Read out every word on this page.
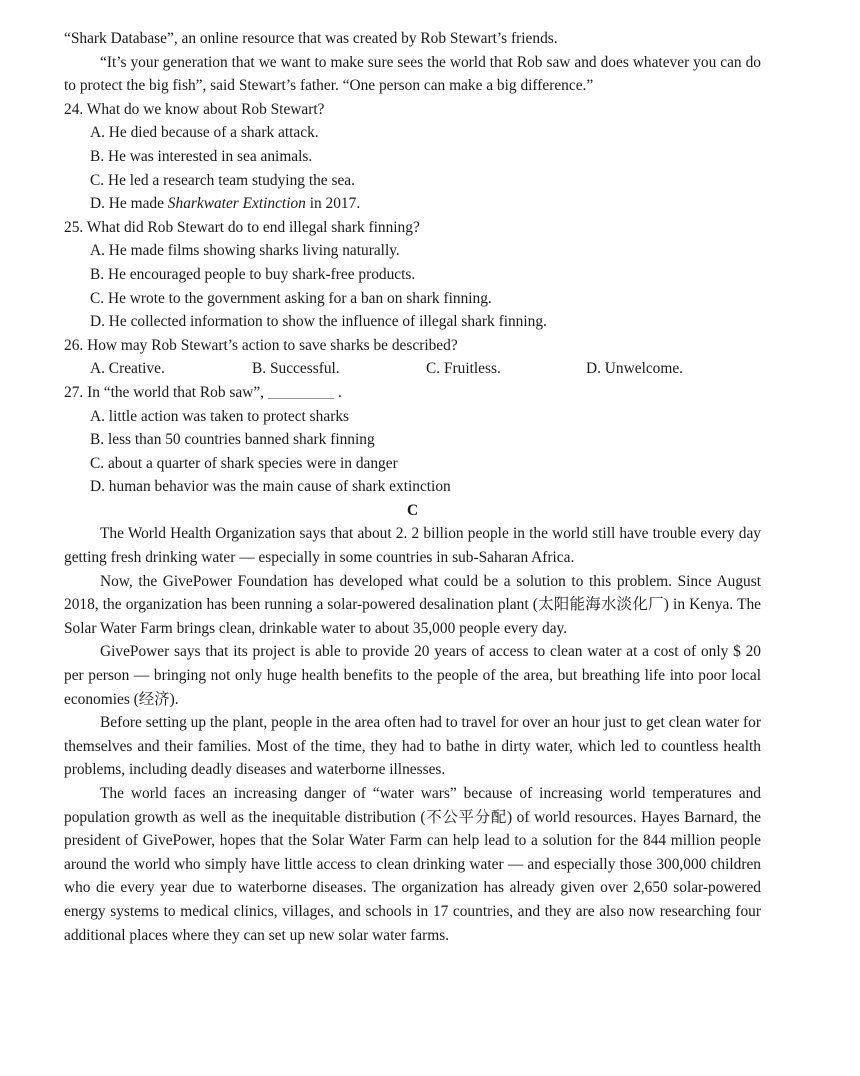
“Shark Database”, an online resource that was created by Rob Stewart’s friends.

“It’s your generation that we want to make sure sees the world that Rob saw and does whatever you can do to protect the big fish”, said Stewart’s father. “One person can make a big difference.”

24. What do we know about Rob Stewart?

A. He died because of a shark attack.

B. He was interested in sea animals.

C. He led a research team studying the sea.

D. He made Sharkwater Extinction in 2017.

25. What did Rob Stewart do to end illegal shark finning?

A. He made films showing sharks living naturally.

B. He encouraged people to buy shark-free products.

C. He wrote to the government asking for a ban on shark finning.

D. He collected information to show the influence of illegal shark finning.

26. How may Rob Stewart’s action to save sharks be described?

A. Creative.	B. Successful.	C. Fruitless.	D. Unwelcome.

27. In “the world that Rob saw”,	.

A. little action was taken to protect sharks

B. less than 50 countries banned shark finning

C. about a quarter of shark species were in danger

D. human behavior was the main cause of shark extinction

C

The World Health Organization says that about 2. 2 billion people in the world still have trouble every day getting fresh drinking water — especially in some countries in sub-Saharan Africa.

Now, the GivePower Foundation has developed what could be a solution to this problem. Since August 2018, the organization has been running a solar-powered desalination plant (太阳能海水淡化厂) in Kenya. The Solar Water Farm brings clean, drinkable water to about 35,000 people every day.

GivePower says that its project is able to provide 20 years of access to clean water at a cost of only $ 20 per person — bringing not only huge health benefits to the people of the area, but breathing life into poor local economies (经济).

Before setting up the plant, people in the area often had to travel for over an hour just to get clean water for themselves and their families. Most of the time, they had to bathe in dirty water, which led to countless health problems, including deadly diseases and waterborne illnesses.

The world faces an increasing danger of “water wars” because of increasing world temperatures and population growth as well as the inequitable distribution (不公平分配) of world resources. Hayes Barnard, the president of GivePower, hopes that the Solar Water Farm can help lead to a solution for the 844 million people around the world who simply have little access to clean drinking water — and especially those 300,000 children who die every year due to waterborne diseases. The organization has already given over 2,650 solar-powered energy systems to medical clinics, villages, and schools in 17 countries, and they are also now researching four additional places where they can set up new solar water farms.
